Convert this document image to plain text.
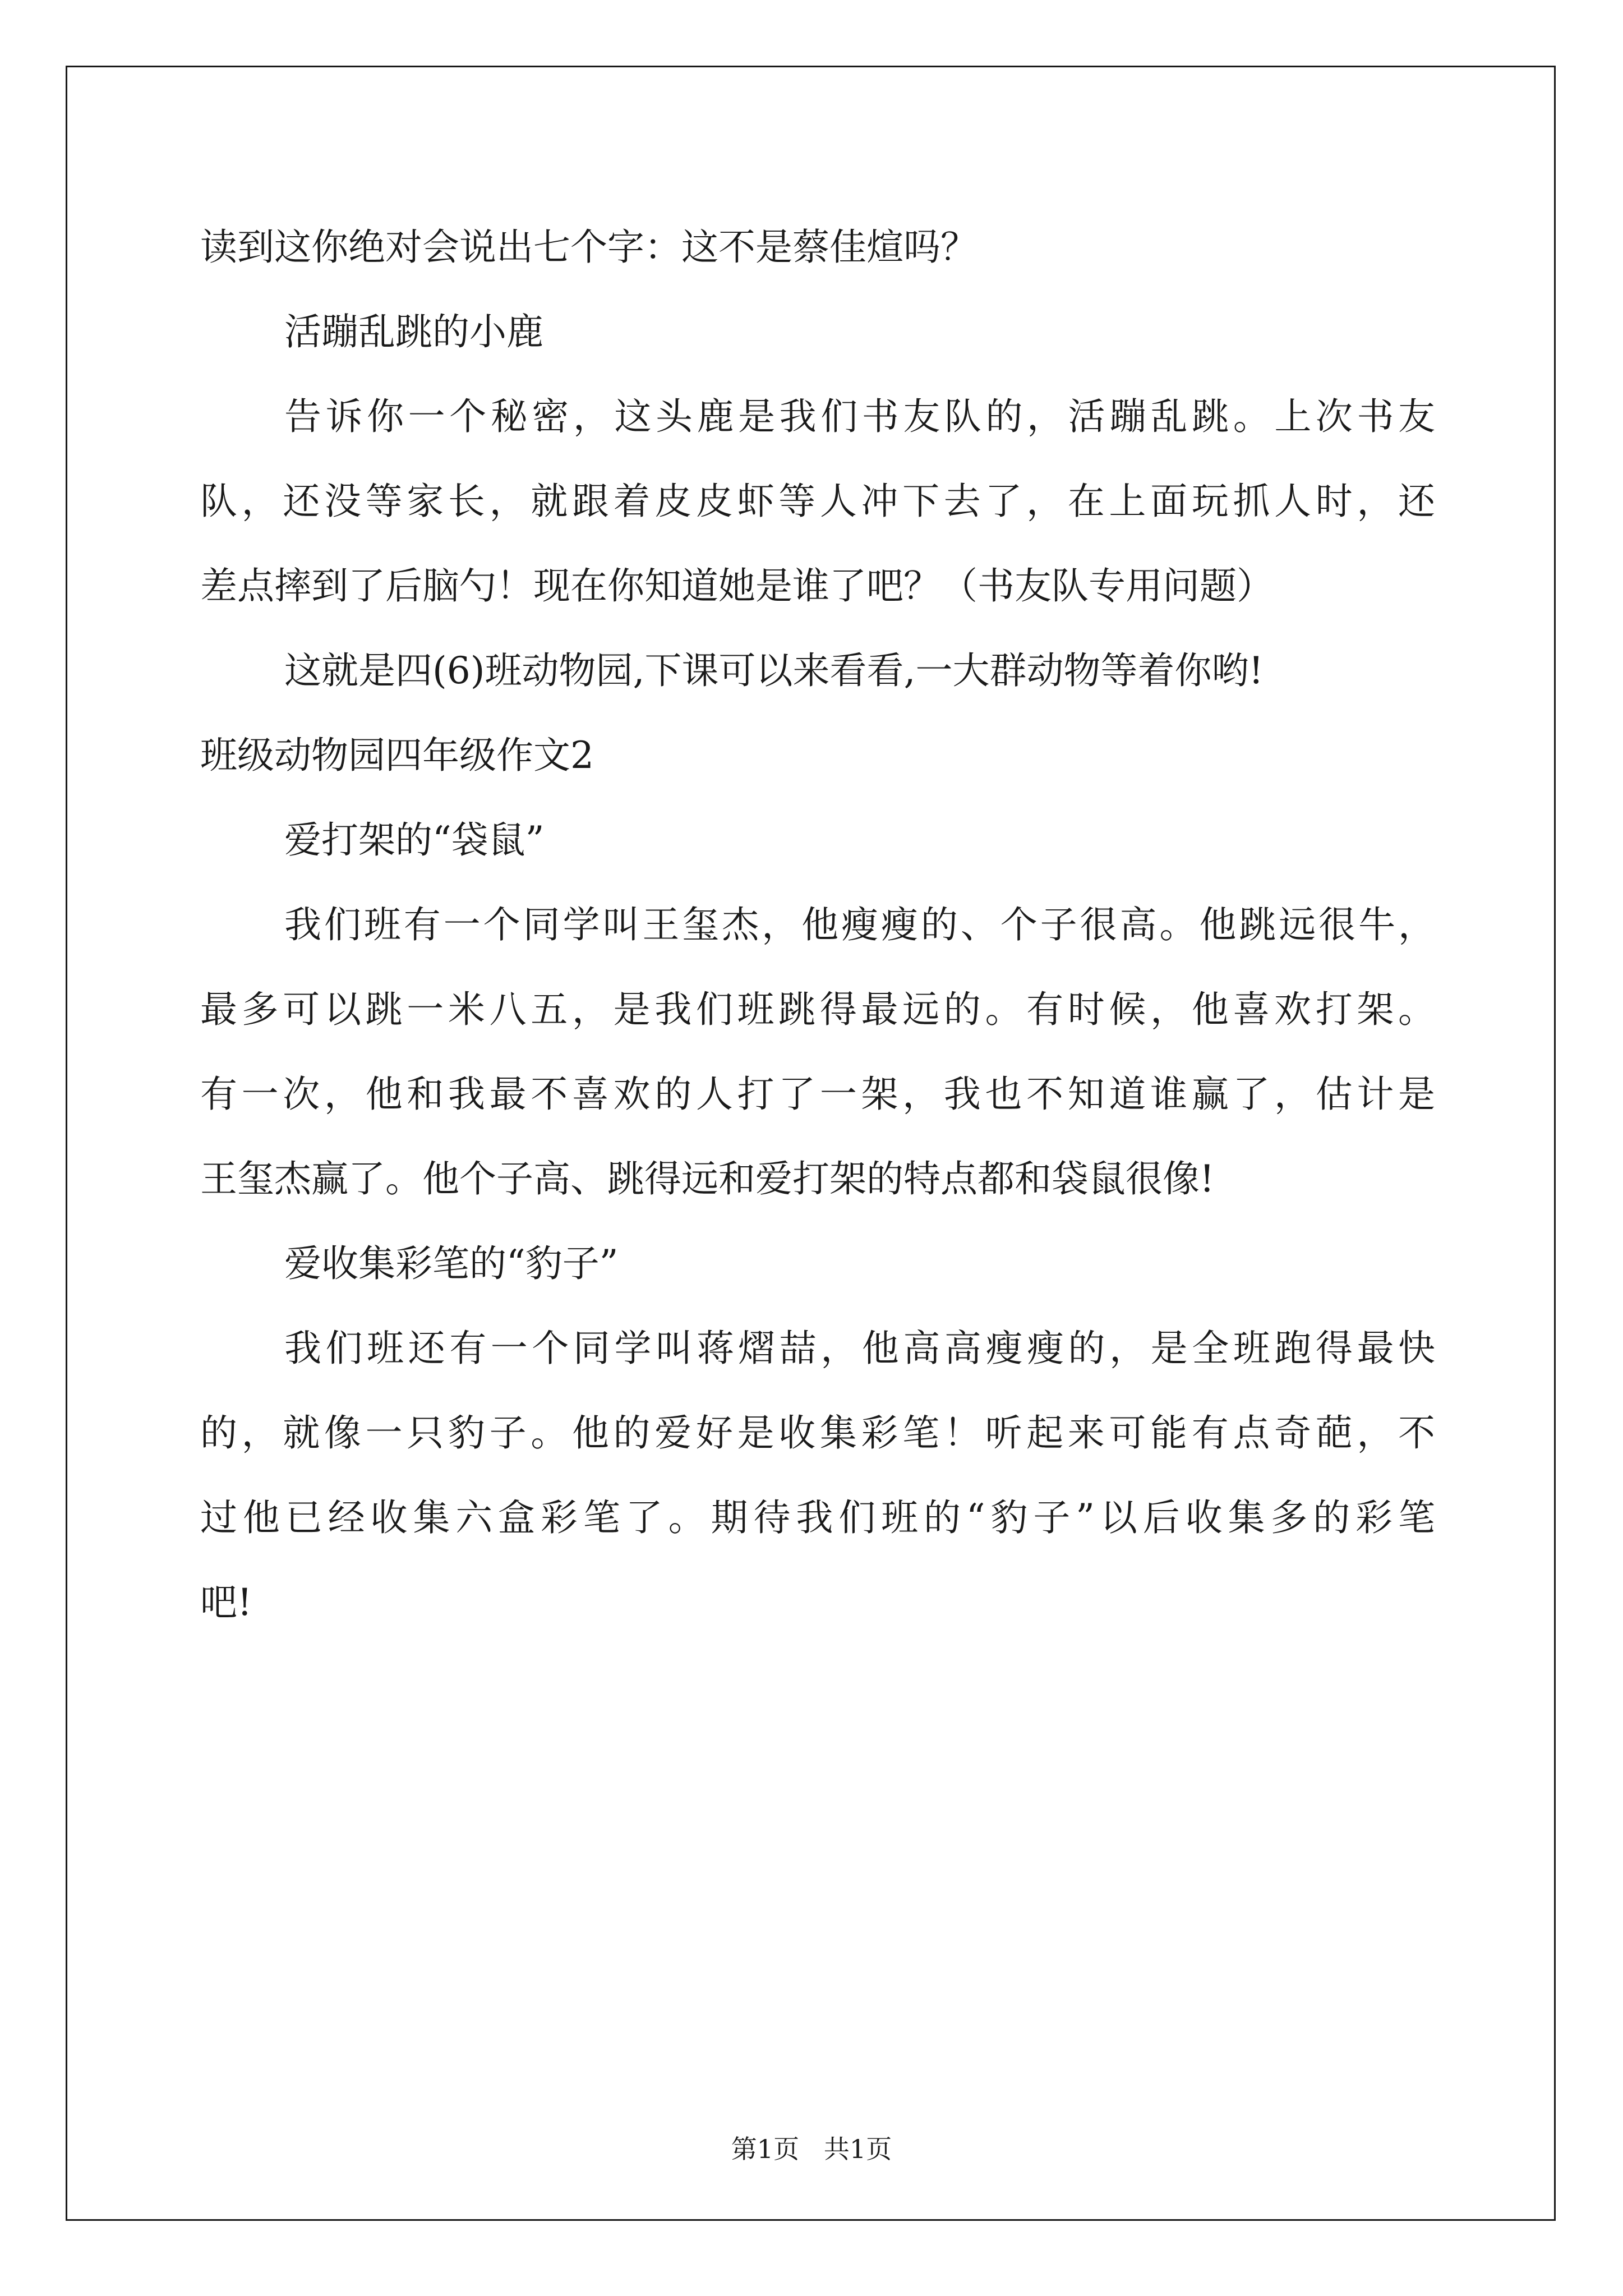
读到这你绝对会说出七个字：这不是蔡佳煊吗？
活蹦乱跳的小鹿
告诉你一个秘密，这头鹿是我们书友队的，活蹦乱跳。上次书友
队，还没等家长，就跟着皮皮虾等人冲下去了，在上面玩抓人时，还
差点摔到了后脑勺！现在你知道她是谁了吧？（书友队专用问题）
这就是四(6)班动物园,下课可以来看看,一大群动物等着你哟!
班级动物园四年级作文2
爱打架的“袋鼠”
我们班有一个同学叫王玺杰，他瘦瘦的、个子很高。他跳远很牛，
最多可以跳一米八五，是我们班跳得最远的。有时候，他喜欢打架。
有一次，他和我最不喜欢的人打了一架，我也不知道谁赢了，估计是
王玺杰赢了。他个子高、跳得远和爱打架的特点都和袋鼠很像!
爱收集彩笔的“豹子”
我们班还有一个同学叫蒋熠喆，他高高瘦瘦的，是全班跑得最快
的，就像一只豹子。他的爱好是收集彩笔！听起来可能有点奇葩，不
过他已经收集六盒彩笔了。期待我们班的“豹子”以后收集多的彩笔
吧!
第1页   共1页
